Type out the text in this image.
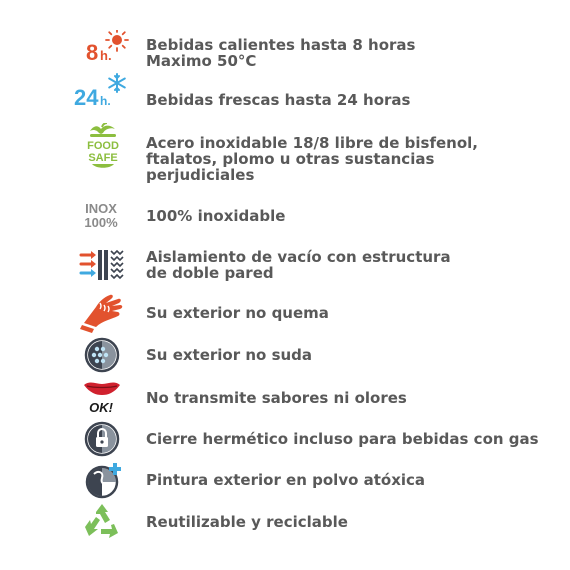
8 h.
Bebidas calientes hasta 8 horas
Maximo 50°C
24 h. Bebidas frescas hasta 24 horas
FOOD
SAFE
Acero inoxidable 18/8 libre de bisfenol,
ftalatos, plomo u otras sustancias
perjudiciales
INOX
100% 100% inoxidable
Aislamiento de vacío con estructura
de doble pared
Su exterior no quema
Su exterior no suda
OK!
No transmite sabores ni olores
Cierre hermético incluso para bebidas con gas
Pintura exterior en polvo atóxica
Reutilizable y reciclable
